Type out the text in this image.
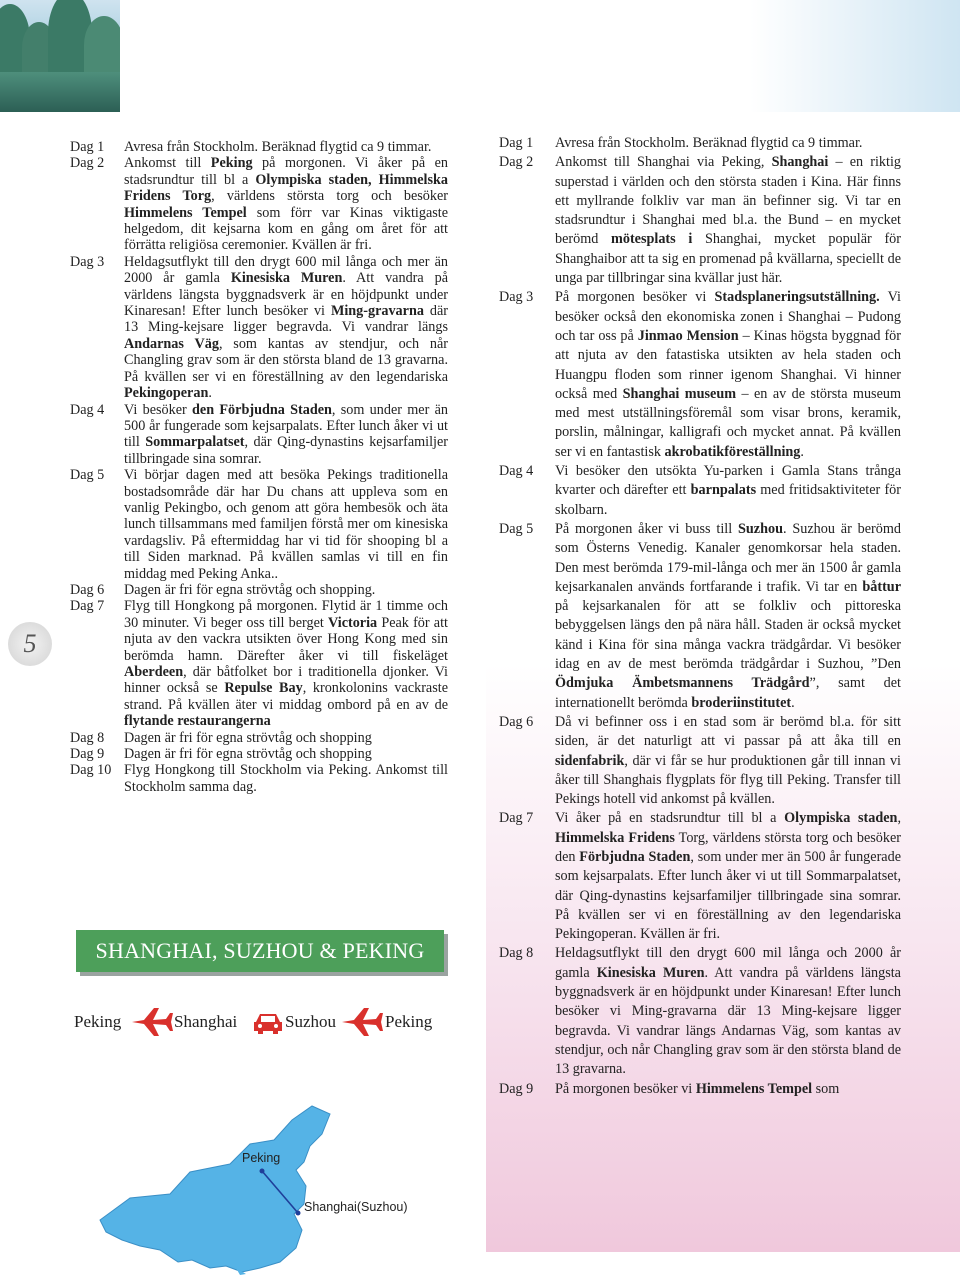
Dag 1	Avresa från Stockholm. Beräknad flygtid ca 9 timmar.
Dag 2	Ankomst till Peking på morgonen. Vi åker på en stadsrundtur till bl a Olympiska staden, Himmelska Fridens Torg, världens största torg och besöker Himmelens Tempel som förr var Kinas viktigaste helgedom, dit kejsarna kom en gång om året för att förrätta religiösa ceremonier. Kvällen är fri.
Dag 3	Heldagsutflykt till den drygt 600 mil långa och mer än 2000 år gamla Kinesiska Muren. Att vandra på världens längsta byggnadsverk är en höjdpunkt under Kinaresan! Efter lunch besöker vi Ming-gravarna där 13 Ming-kejsare ligger begravda. Vi vandrar längs Andarnas Väg, som kantas av stendjur, och når Changling grav som är den största bland de 13 gravarna. På kvällen ser vi en föreställning av den legendariska Pekingoperan.
Dag 4	Vi besöker den Förbjudna Staden, som under mer än 500 år fungerade som kejsarpalats. Efter lunch åker vi ut till Sommarpalatset, där Qing-dynastins kejsarfamiljer tillbringade sina somrar.
Dag 5	Vi börjar dagen med att besöka Pekings traditionella bostadsområde där har Du chans att uppleva som en vanlig Pekingbo, och genom att göra hembesök och äta lunch tillsammans med familjen förstå mer om kinesiska vardagsliv. På eftermiddag har vi tid för shooping bl a till Siden marknad. På kvällen samlas vi till en fin middag med Peking Anka..
Dag 6	Dagen är fri för egna strövtåg och shopping.
Dag 7	Flyg till Hongkong på morgonen. Flytid är 1 timme och 30 minuter. Vi beger oss till berget Victoria Peak för att njuta av den vackra utsikten över Hong Kong med sin berömda hamn. Därefter åker vi till fiskeläget Aberdeen, där båtfolket bor i traditionella djonker. Vi hinner också se Repulse Bay, kronkolonins vackraste strand. På kvällen äter vi middag ombord på en av de flytande restaurangerna
Dag 8	Dagen är fri för egna strövtåg och shopping
Dag 9	Dagen är fri för egna strövtåg och shopping
Dag 10 Flyg Hongkong till Stockholm via Peking. Ankomst till Stockholm samma dag.
Dag 1	Avresa från Stockholm. Beräknad flygtid ca 9 timmar.
Dag 2	Ankomst till Shanghai via Peking, Shanghai – en riktig superstad i världen och den största staden i Kina. Här finns ett myllrande folkliv var man än befinner sig. Vi tar en stadsrundtur i Shanghai med bl.a. the Bund – en mycket berömd mötesplats i Shanghai, mycket populär för Shanghaibor att ta sig en promenad på kvällarna, speciellt de unga par tillbringar sina kvällar just här.
Dag 3	På morgonen besöker vi Stadsplaneringsutställning. Vi besöker också den ekonomiska zonen i Shanghai – Pudong och tar oss på Jinmao Mension – Kinas högsta byggnad för att njuta av den fatastiska utsikten av hela staden och Huangpu floden som rinner igenom Shanghai. Vi hinner också med Shanghai museum – en av de största museum med mest utställningsföremål som visar brons, keramik, porslin, målningar, kalligrafi och mycket annat. På kvällen ser vi en fantastisk akrobatikföreställning.
Dag 4	Vi besöker den utsökta Yu-parken i Gamla Stans trånga kvarter och därefter ett barnpalats med fritidsaktiviteter för skolbarn.
Dag 5	På morgonen åker vi buss till Suzhou. Suzhou är berömd som Österns Venedig. Kanaler genomkorsar hela staden. Den mest berömda 179-mil-långa och mer än 1500 år gamla kejsarkanalen används fortfarande i trafik. Vi tar en båttur på kejsarkanalen för att se folkliv och pittoreska bebyggelsen längs den på nära håll. Staden är också mycket känd i Kina för sina många vackra trädgårdar. Vi besöker idag en av de mest berömda trädgårdar i Suzhou, ”Den Ödmjuka Ämbetsmannens Trädgård”, samt det internationellt berömda broderiinstitutet.
Dag 6	Då vi befinner oss i en stad som är berömd bl.a. för sitt siden, är det naturligt att vi passar på att åka till en sidenfabrik, där vi får se hur produktionen går till innan vi åker till Shanghais flygplats för flyg till Peking. Transfer till Pekings hotell vid ankomst på kvällen.
Dag 7	Vi åker på en stadsrundtur till bl a Olympiska staden, Himmelska Fridens Torg, världens största torg och besöker den Förbjudna Staden, som under mer än 500 år fungerade som kejsarpalats. Efter lunch åker vi ut till Sommarpalatset, där Qing-dynastins kejsarfamiljer tillbringade sina somrar. På kvällen ser vi en föreställning av den legendariska Pekingoperan. Kvällen är fri.
Dag 8	Heldagsutflykt till den drygt 600 mil långa och 2000 år gamla Kinesiska Muren. Att vandra på världens längsta byggnadsverk är en höjdpunkt under Kinaresan! Efter lunch besöker vi Ming-gravarna där 13 Ming-kejsare ligger begravda. Vi vandrar längs Andarnas Väg, som kantas av stendjur, och når Changling grav som är den största bland de 13 gravarna.
Dag 9	På morgonen besöker vi Himmelens Tempel som
5
SHANGHAI, SUZHOU & PEKING
Peking	Shanghai	Suzhou	Peking
Peking
Shanghai(Suzhou)
